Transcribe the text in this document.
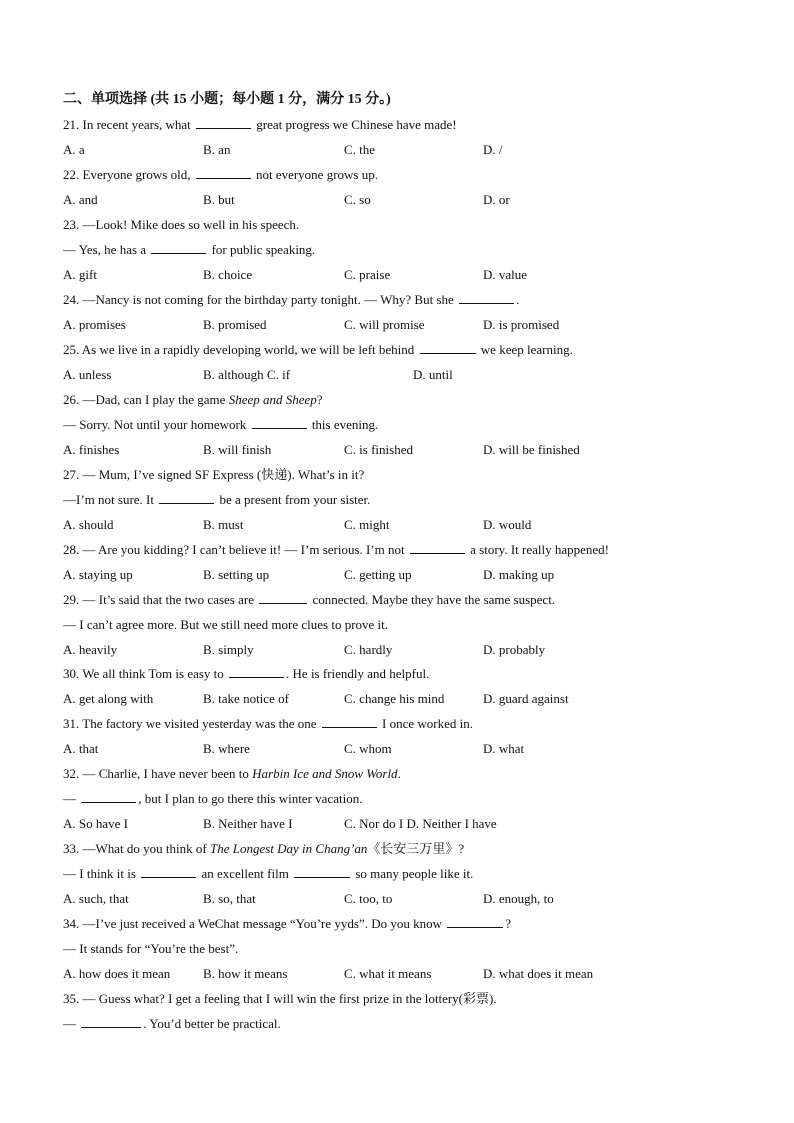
二、单项选择 (共 15 小题；每小题 1 分，满分 15 分。)
21. In recent years, what	great progress we Chinese have made!
A. a	B. an	C. the	D. /
22. Everyone grows old,	not everyone grows up.
A. and	B. but	C. so	D. or
23. —Look! Mike does so well in his speech.
— Yes, he has a	for public speaking.
A. gift	B. choice	C. praise	D. value
24. —Nancy is not coming for the birthday party tonight. — Why? But she	.
A. promises	B. promised	C. will promise	D. is promised
25. As we live in a rapidly developing world, we will be left behind	we keep learning.
A. unless	B. although C. if	D. until
26. —Dad, can I play the game Sheep and Sheep?
— Sorry. Not until your homework	this evening.
A. finishes	B. will finish	C. is finished	D. will be finished
27. — Mum, I’ve signed SF Express (快递). What’s in it?
—I’m not sure. It	be a present from your sister.
A. should	B. must	C. might	D. would
28. — Are you kidding? I can’t believe it! — I’m serious. I’m not	a story. It really happened!
A. staying up	B. setting up	C. getting up	D. making up
29. — It’s said that the two cases are	connected. Maybe they have the same suspect.
— I can’t agree more. But we still need more clues to prove it.
A. heavily	B. simply	C. hardly	D. probably
30. We all think Tom is easy to	. He is friendly and helpful.
A. get along with	B. take notice of	C. change his mind	D. guard against
31. The factory we visited yesterday was the one	I once worked in.
A. that	B. where	C. whom	D. what
32. — Charlie, I have never been to Harbin Ice and Snow World.
—	, but I plan to go there this winter vacation.
A. So have I	B. Neither have I	C. Nor do I D. Neither I have
33. —What do you think of The Longest Day in Chang’an《长安三万里》?
— I think it is	an excellent film	so many people like it.
A. such, that	B. so, that	C. too, to	D. enough, to
34. —I’ve just received a WeChat message “You’re yyds”. Do you know	?
— It stands for “You’re the best”.
A. how does it mean	B. how it means	C. what it means	D. what does it mean
35. — Guess what? I get a feeling that I will win the first prize in the lottery(彩票).
—	. You’d better be practical.
